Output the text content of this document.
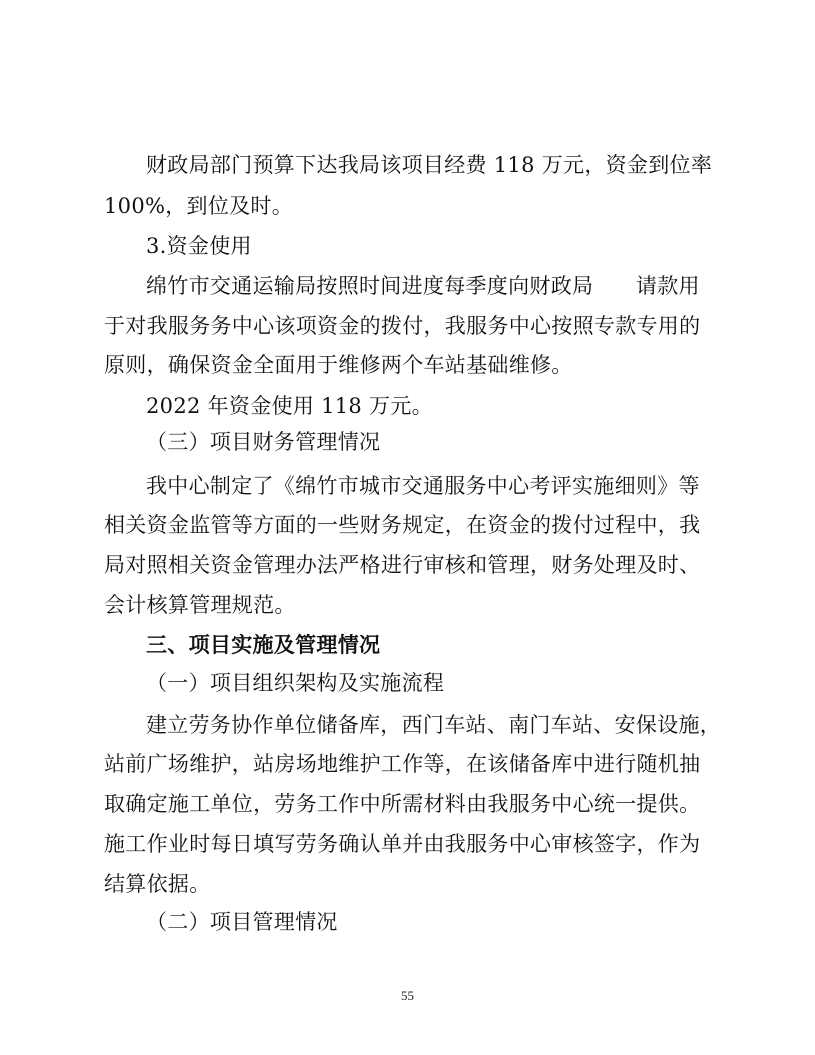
财政局部门预算下达我局该项目经费 118 万元，资金到位率
100%，到位及时。
3.资金使用
绵竹市交通运输局按照时间进度每季度向财政局　　请款用
于对我服务务中心该项资金的拨付，我服务中心按照专款专用的
原则，确保资金全面用于维修两个车站基础维修。
2022 年资金使用 118 万元。
（三）项目财务管理情况
我中心制定了《绵竹市城市交通服务中心考评实施细则》等
相关资金监管等方面的一些财务规定，在资金的拨付过程中，我
局对照相关资金管理办法严格进行审核和管理，财务处理及时、
会计核算管理规范。
三、项目实施及管理情况
（一）项目组织架构及实施流程
建立劳务协作单位储备库，西门车站、南门车站、安保设施，
站前广场维护，站房场地维护工作等，在该储备库中进行随机抽
取确定施工单位，劳务工作中所需材料由我服务中心统一提供。
施工作业时每日填写劳务确认单并由我服务中心审核签字，作为
结算依据。
（二）项目管理情况
55
